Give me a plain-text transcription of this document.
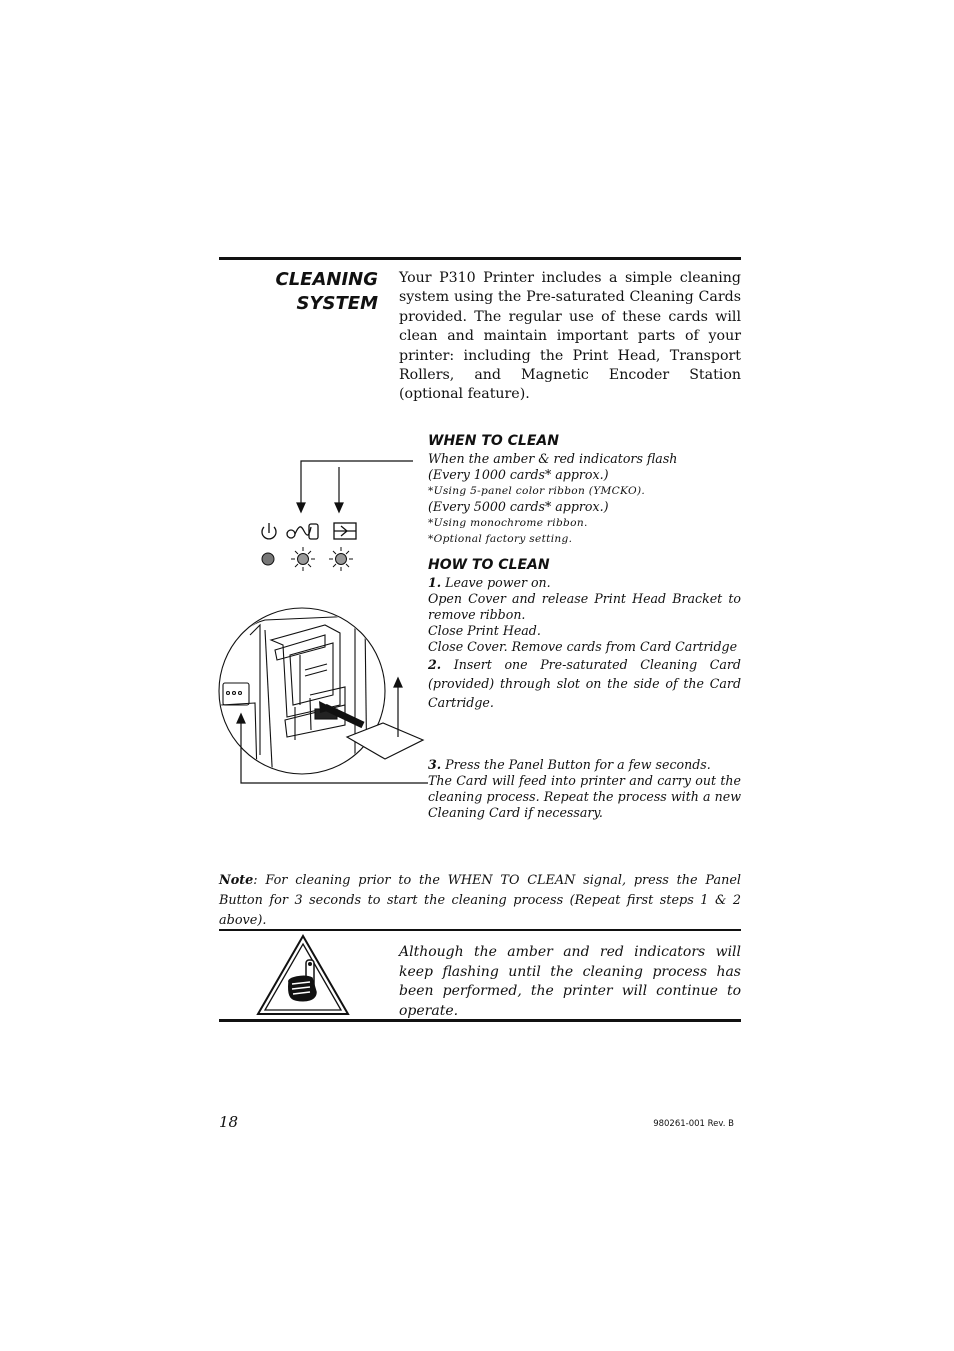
CLEANING
SYSTEM
Your P310 Printer includes a simple cleaning system using the Pre-saturated Cleaning Cards provided. The regular use of these cards will clean and maintain important parts of your printer: including the Print Head, Transport Rollers, and Magnetic Encoder Station (optional feature).
WHEN TO CLEAN
When the amber & red indicators flash
(Every 1000 cards* approx.)
*Using 5-panel color ribbon (YMCKO).
(Every 5000 cards* approx.)
*Using monochrome ribbon.
*Optional factory setting.
HOW TO CLEAN
1. Leave power on.
Open Cover and release Print Head Bracket to remove ribbon.
Close Print Head.
Close Cover. Remove cards from Card Cartridge
2. Insert one Pre-saturated Cleaning Card (provided) through slot on the side of the Card Cartridge.
3. Press the Panel Button for a few seconds.
The Card will feed into printer and carry out the cleaning process. Repeat the process with a new Cleaning Card if necessary.
Note: For cleaning prior to the WHEN TO CLEAN signal, press the Panel Button for 3 seconds to start the cleaning process (Repeat first steps 1 & 2 above).
Although the amber and red indicators will keep flashing until the cleaning process has been performed, the printer will continue to operate.
18	980261-001 Rev. B
